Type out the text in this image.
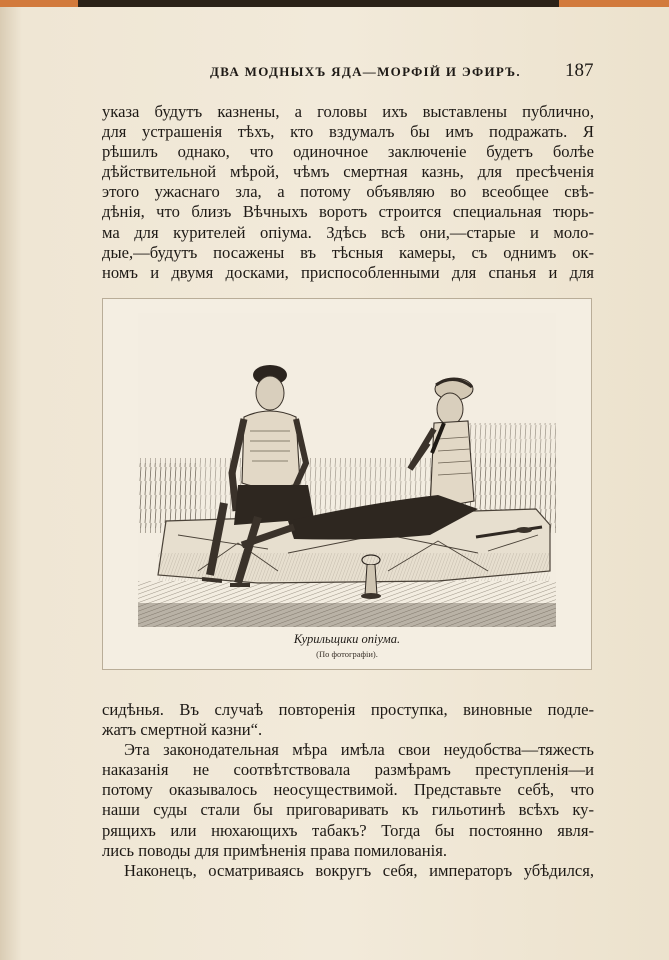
ДВА МОДНЫХЪ ЯДА—МОРФІЙ И ЭФИРЪ. 187
указа будутъ казнены, а головы ихъ выставлены публично,
для устрашенія тѣхъ, кто вздумалъ бы имъ подражать. Я
рѣшилъ однако, что одиночное заключеніе будетъ болѣе
дѣйствительной мѣрой, чѣмъ смертная казнь, для пресѣченія
этого ужаснаго зла, а потому объявляю во всеобщее свѣ-
дѣнія, что близъ Вѣчныхъ воротъ строится специальная тюрь-
ма для курителей опіума. Здѣсь всѣ они,—старые и моло-
дые,—будутъ посажены въ тѣсныя камеры, съ однимъ ок-
номъ и двумя досками, приспособленными для спанья и для
Курильщики опіума.
(По фотографіи).
сидѣнья. Въ случаѣ повторенія проступка, виновные подле-
жатъ смертной казни“.
Эта законодательная мѣра имѣла свои неудобства—тяжесть
наказанія не соотвѣтствовала размѣрамъ преступленія—и
потому оказывалось неосуществимой. Представьте себѣ, что
наши суды стали бы приговаривать къ гильотинѣ всѣхъ ку-
рящихъ или нюхающихъ табакъ? Тогда бы постоянно явля-
лись поводы для примѣненія права помилованія.
Наконецъ, осматриваясь вокругъ себя, императоръ убѣдился,
